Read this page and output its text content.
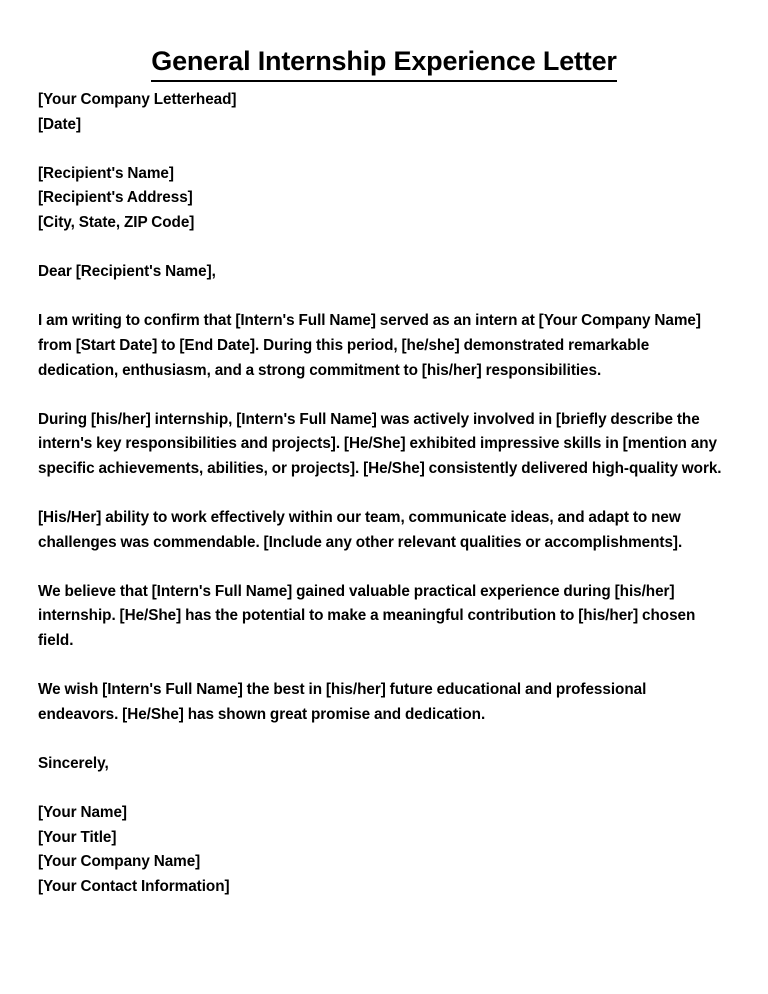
General Internship Experience Letter
[Your Company Letterhead]
[Date]
[Recipient's Name]
[Recipient's Address]
[City, State, ZIP Code]
Dear [Recipient's Name],
I am writing to confirm that [Intern's Full Name] served as an intern at [Your Company Name] from [Start Date] to [End Date]. During this period, [he/she] demonstrated remarkable dedication, enthusiasm, and a strong commitment to [his/her] responsibilities.
During [his/her] internship, [Intern's Full Name] was actively involved in [briefly describe the intern's key responsibilities and projects]. [He/She] exhibited impressive skills in [mention any specific achievements, abilities, or projects]. [He/She] consistently delivered high-quality work.
[His/Her] ability to work effectively within our team, communicate ideas, and adapt to new challenges was commendable. [Include any other relevant qualities or accomplishments].
We believe that [Intern's Full Name] gained valuable practical experience during [his/her] internship. [He/She] has the potential to make a meaningful contribution to [his/her] chosen field.
We wish [Intern's Full Name] the best in [his/her] future educational and professional endeavors. [He/She] has shown great promise and dedication.
Sincerely,
[Your Name]
[Your Title]
[Your Company Name]
[Your Contact Information]
